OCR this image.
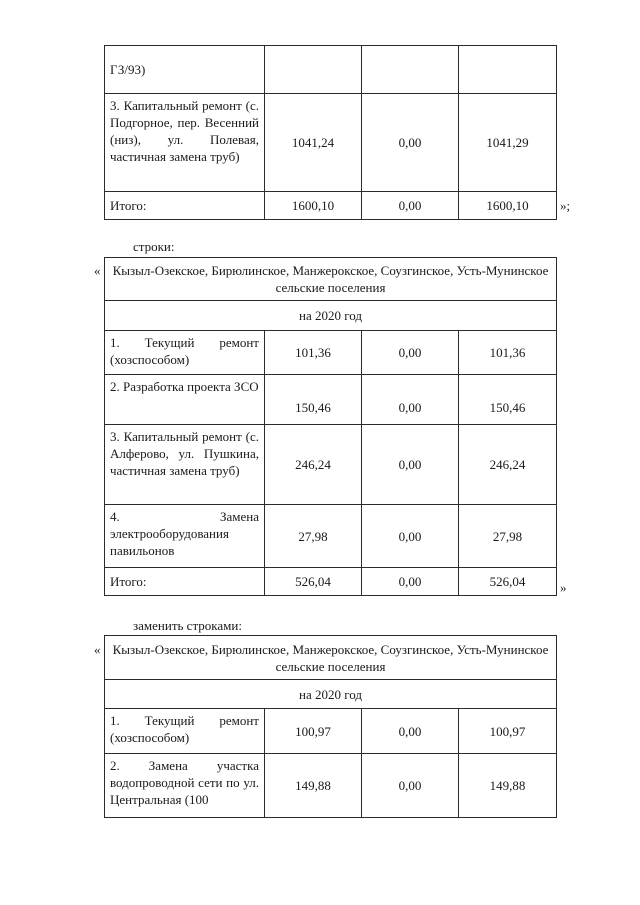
ГЗ/93)			
3. Капитальный ремонт (с. Подгорное, пер. Весенний (низ), ул. Полевая, частичная замена труб)	1041,24	0,00	1041,29
Итого:	1600,10	0,00	1600,10 »;
строки:
« Кызыл-Озекское, Бирюлинское, Манжерокское, Соузгинское, Усть-Мунинское сельские поселения			
на 2020 год			
1. Текущий ремонт (хозспособом)	101,36	0,00	101,36
2. Разработка проекта ЗСО	150,46	0,00	150,46
3. Капитальный ремонт (с. Алферово, ул. Пушкина, частичная замена труб)	246,24	0,00	246,24
4. Замена электрооборудования павильонов	27,98	0,00	27,98
Итого:	526,04	0,00	526,04	»
заменить строками:
« Кызыл-Озекское, Бирюлинское, Манжерокское, Соузгинское, Усть-Мунинское сельские поселения			
на 2020 год			
1. Текущий ремонт (хозспособом)	100,97	0,00	100,97
2. Замена участка водопроводной сети по ул. Центральная (100	149,88	0,00	149,88
